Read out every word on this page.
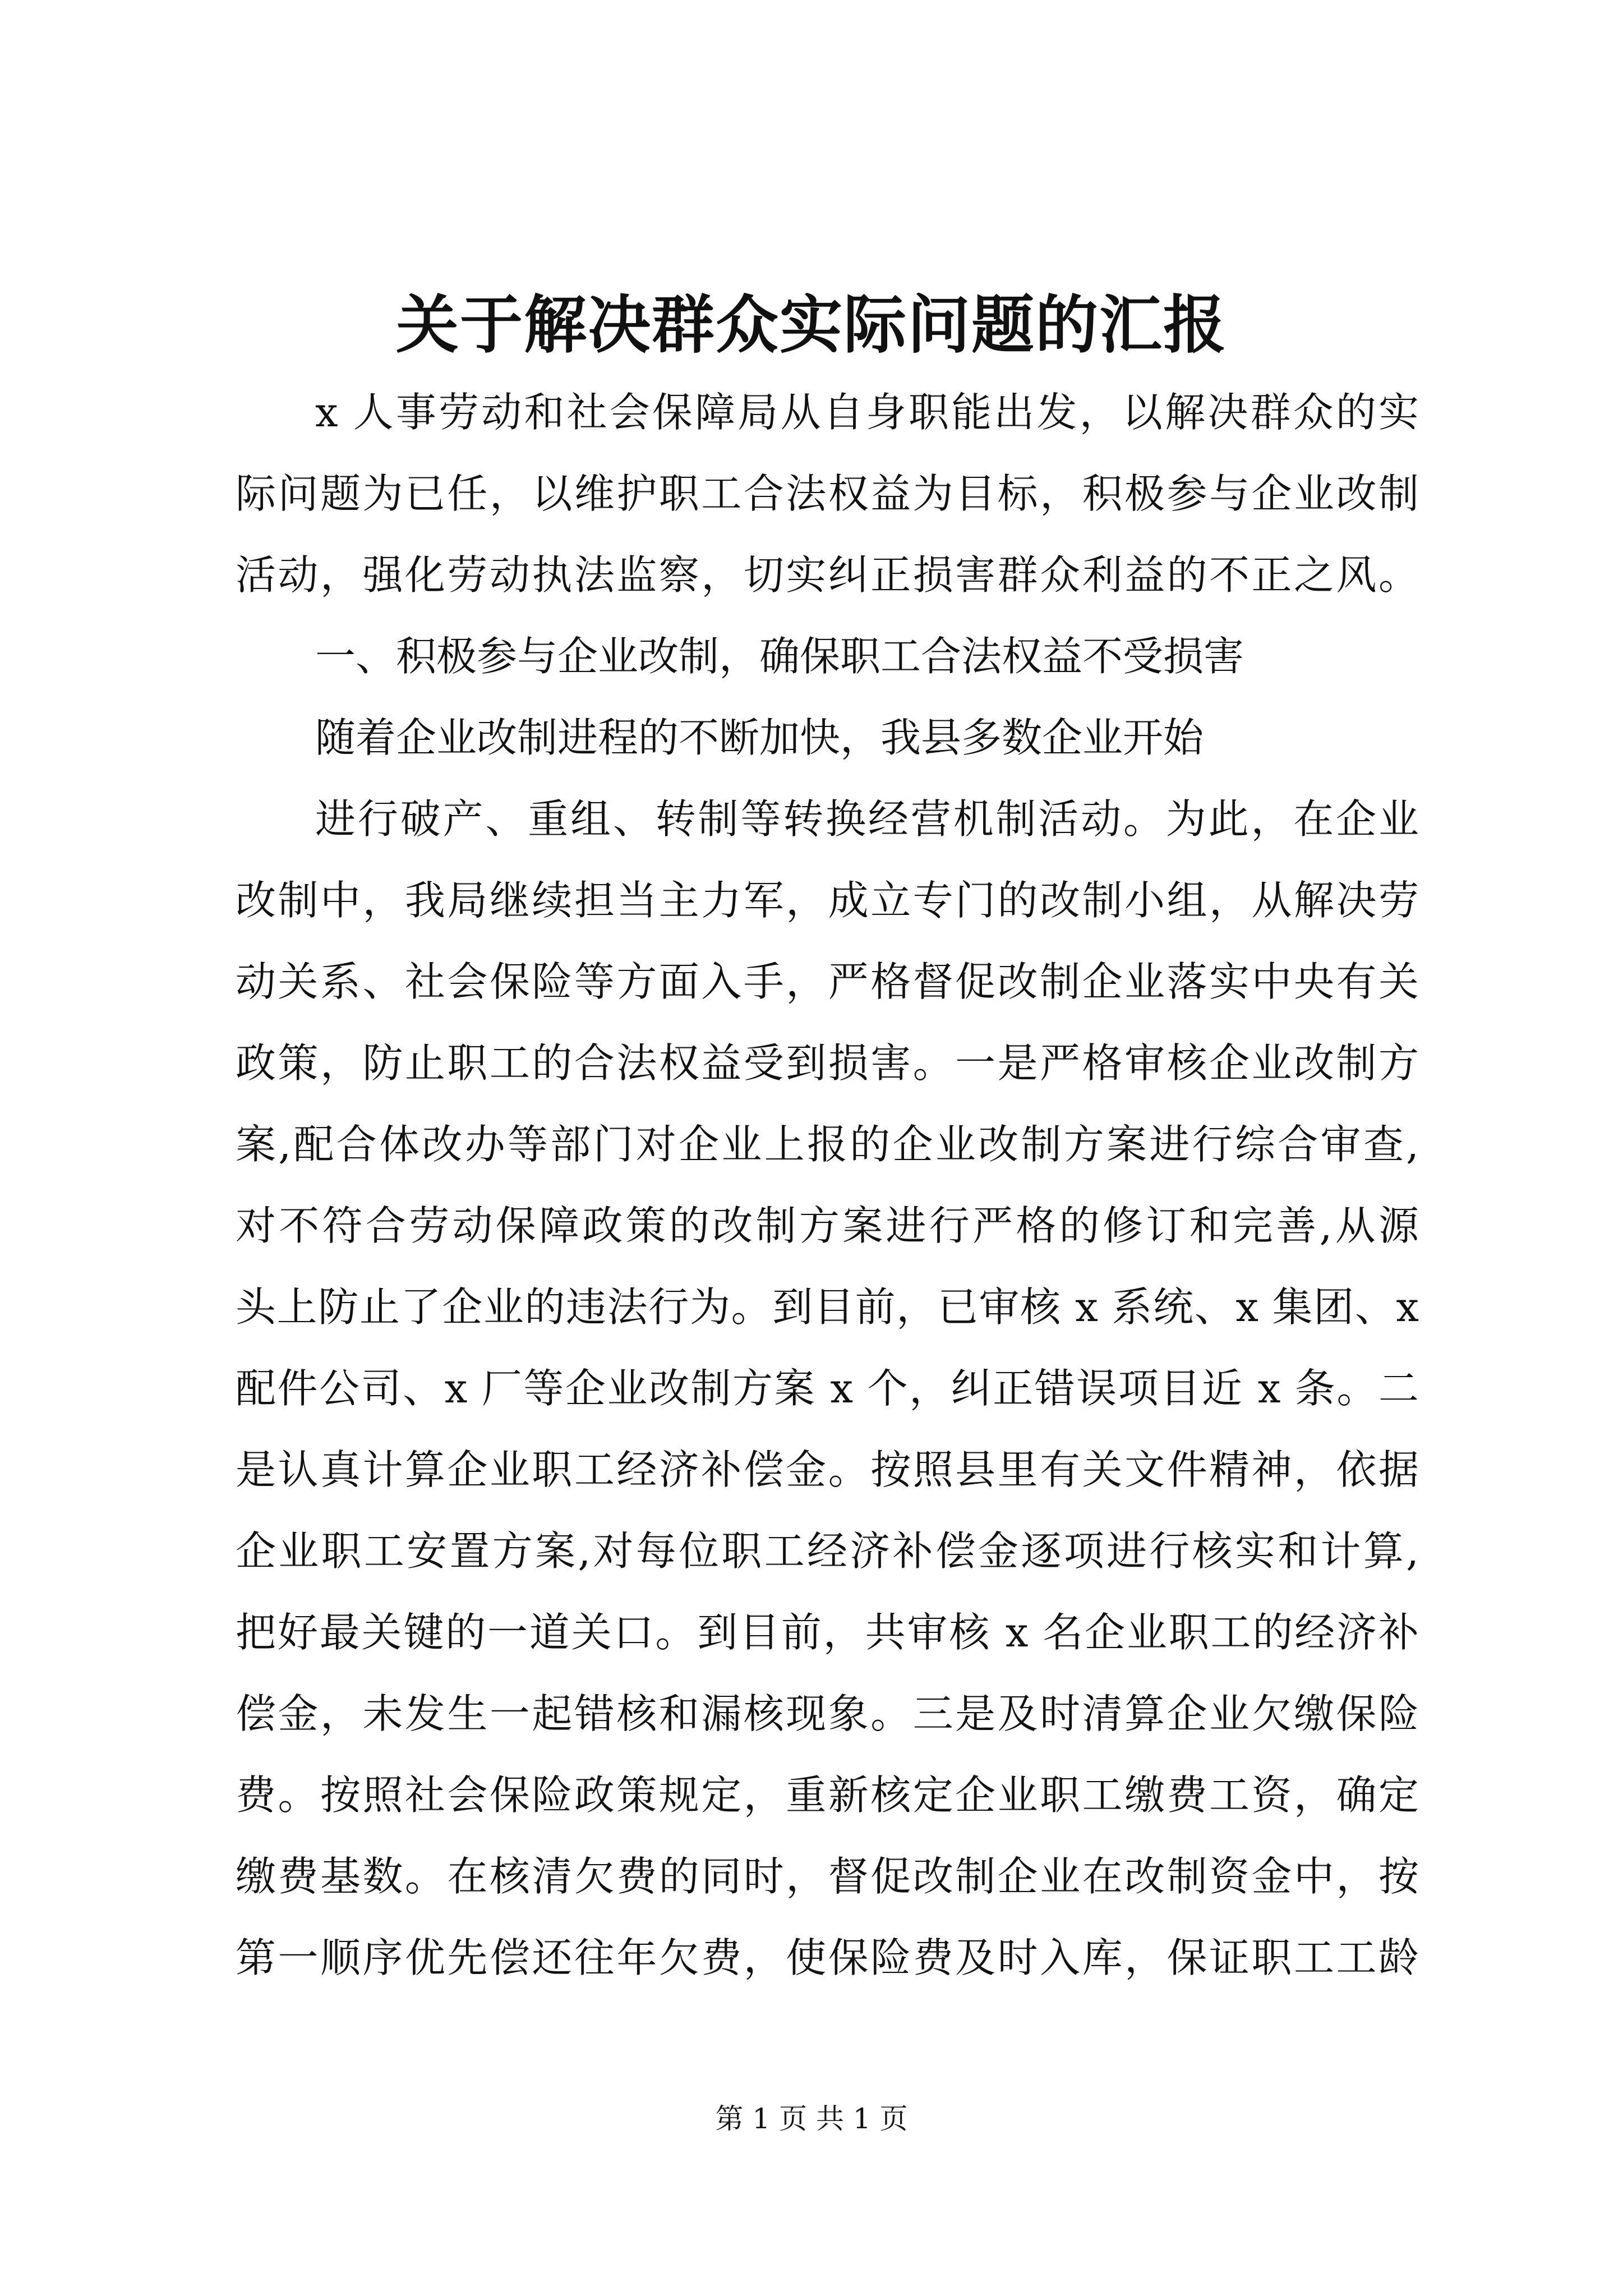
关于解决群众实际问题的汇报

x 人事劳动和社会保障局从自身职能出发，以解决群众的实

际问题为已任，以维护职工合法权益为目标，积极参与企业改制

活动，强化劳动执法监察，切实纠正损害群众利益的不正之风。

一、积极参与企业改制，确保职工合法权益不受损害

随着企业改制进程的不断加快，我县多数企业开始

进行破产、重组、转制等转换经营机制活动。为此，在企业

改制中，我局继续担当主力军，成立专门的改制小组，从解决劳

动关系、社会保险等方面入手，严格督促改制企业落实中央有关

政策，防止职工的合法权益受到损害。一是严格审核企业改制方

案,配合体改办等部门对企业上报的企业改制方案进行综合审查,

对不符合劳动保障政策的改制方案进行严格的修订和完善,从源

头上防止了企业的违法行为。到目前，已审核 x 系统、x 集团、x

配件公司、x 厂等企业改制方案 x 个，纠正错误项目近 x 条。二

是认真计算企业职工经济补偿金。按照县里有关文件精神，依据

企业职工安置方案,对每位职工经济补偿金逐项进行核实和计算,

把好最关键的一道关口。到目前，共审核 x 名企业职工的经济补

偿金，未发生一起错核和漏核现象。三是及时清算企业欠缴保险

费。按照社会保险政策规定，重新核定企业职工缴费工资，确定

缴费基数。在核清欠费的同时，督促改制企业在改制资金中，按

第一顺序优先偿还往年欠费，使保险费及时入库，保证职工工龄

第 1 页 共 1 页
